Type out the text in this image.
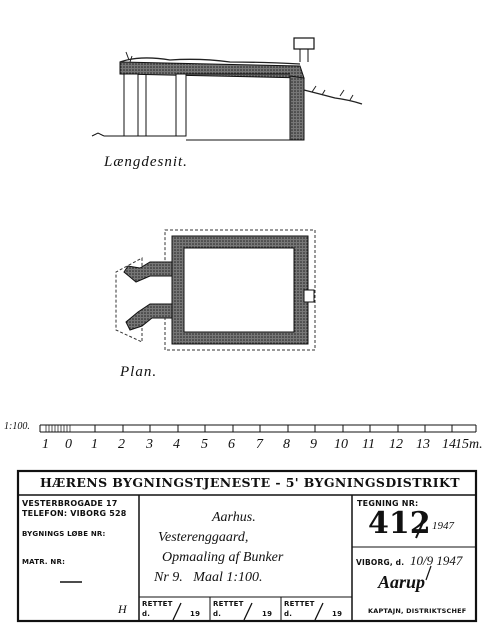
Længdesnit.
Plan.
1:100.
1 0 1 2 3 4 5 6 7 8 9 10 11 12 13 14 15m.
HÆRENS BYGNINGSTJENESTE - 5' BYGNINGSDISTRIKT
VESTERBROGADE 17
TELEFON: VIBORG 528
BYGNINGS LØBE NR:
MATR. NR:
H
Aarhus.
Vesterenggaard,
Opmaaling af Bunker
Nr 9.   Maal 1:100.
RETTET
d.	19
RETTET
d.	19
RETTET
d.	19
TEGNING NR:
412 1947
VIBORG, d. 10/9 1947
Aarup
KAPTAJN, DISTRIKTSCHEF
